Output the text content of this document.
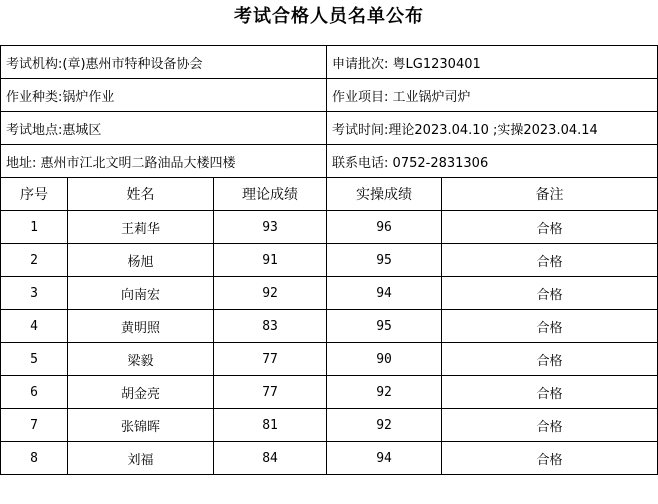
考试合格人员名单公布
考试机构:(章)惠州市特种设备协会			申请批次: 粤LG1230401	
作业种类:锅炉作业			作业项目: 工业锅炉司炉	
考试地点:惠城区			考试时间:理论2023.04.10 ;实操2023.04.14	
地址: 惠州市江北文明二路油品大楼四楼			联系电话: 0752-2831306	
序号	姓名	理论成绩	实操成绩	备注
1	王莉华	93	96	合格
2	杨旭	91	95	合格
3	向南宏	92	94	合格
4	黄明照	83	95	合格
5	梁毅	77	90	合格
6	胡金亮	77	92	合格
7	张锦晖	81	92	合格
8	刘福	84	94	合格
